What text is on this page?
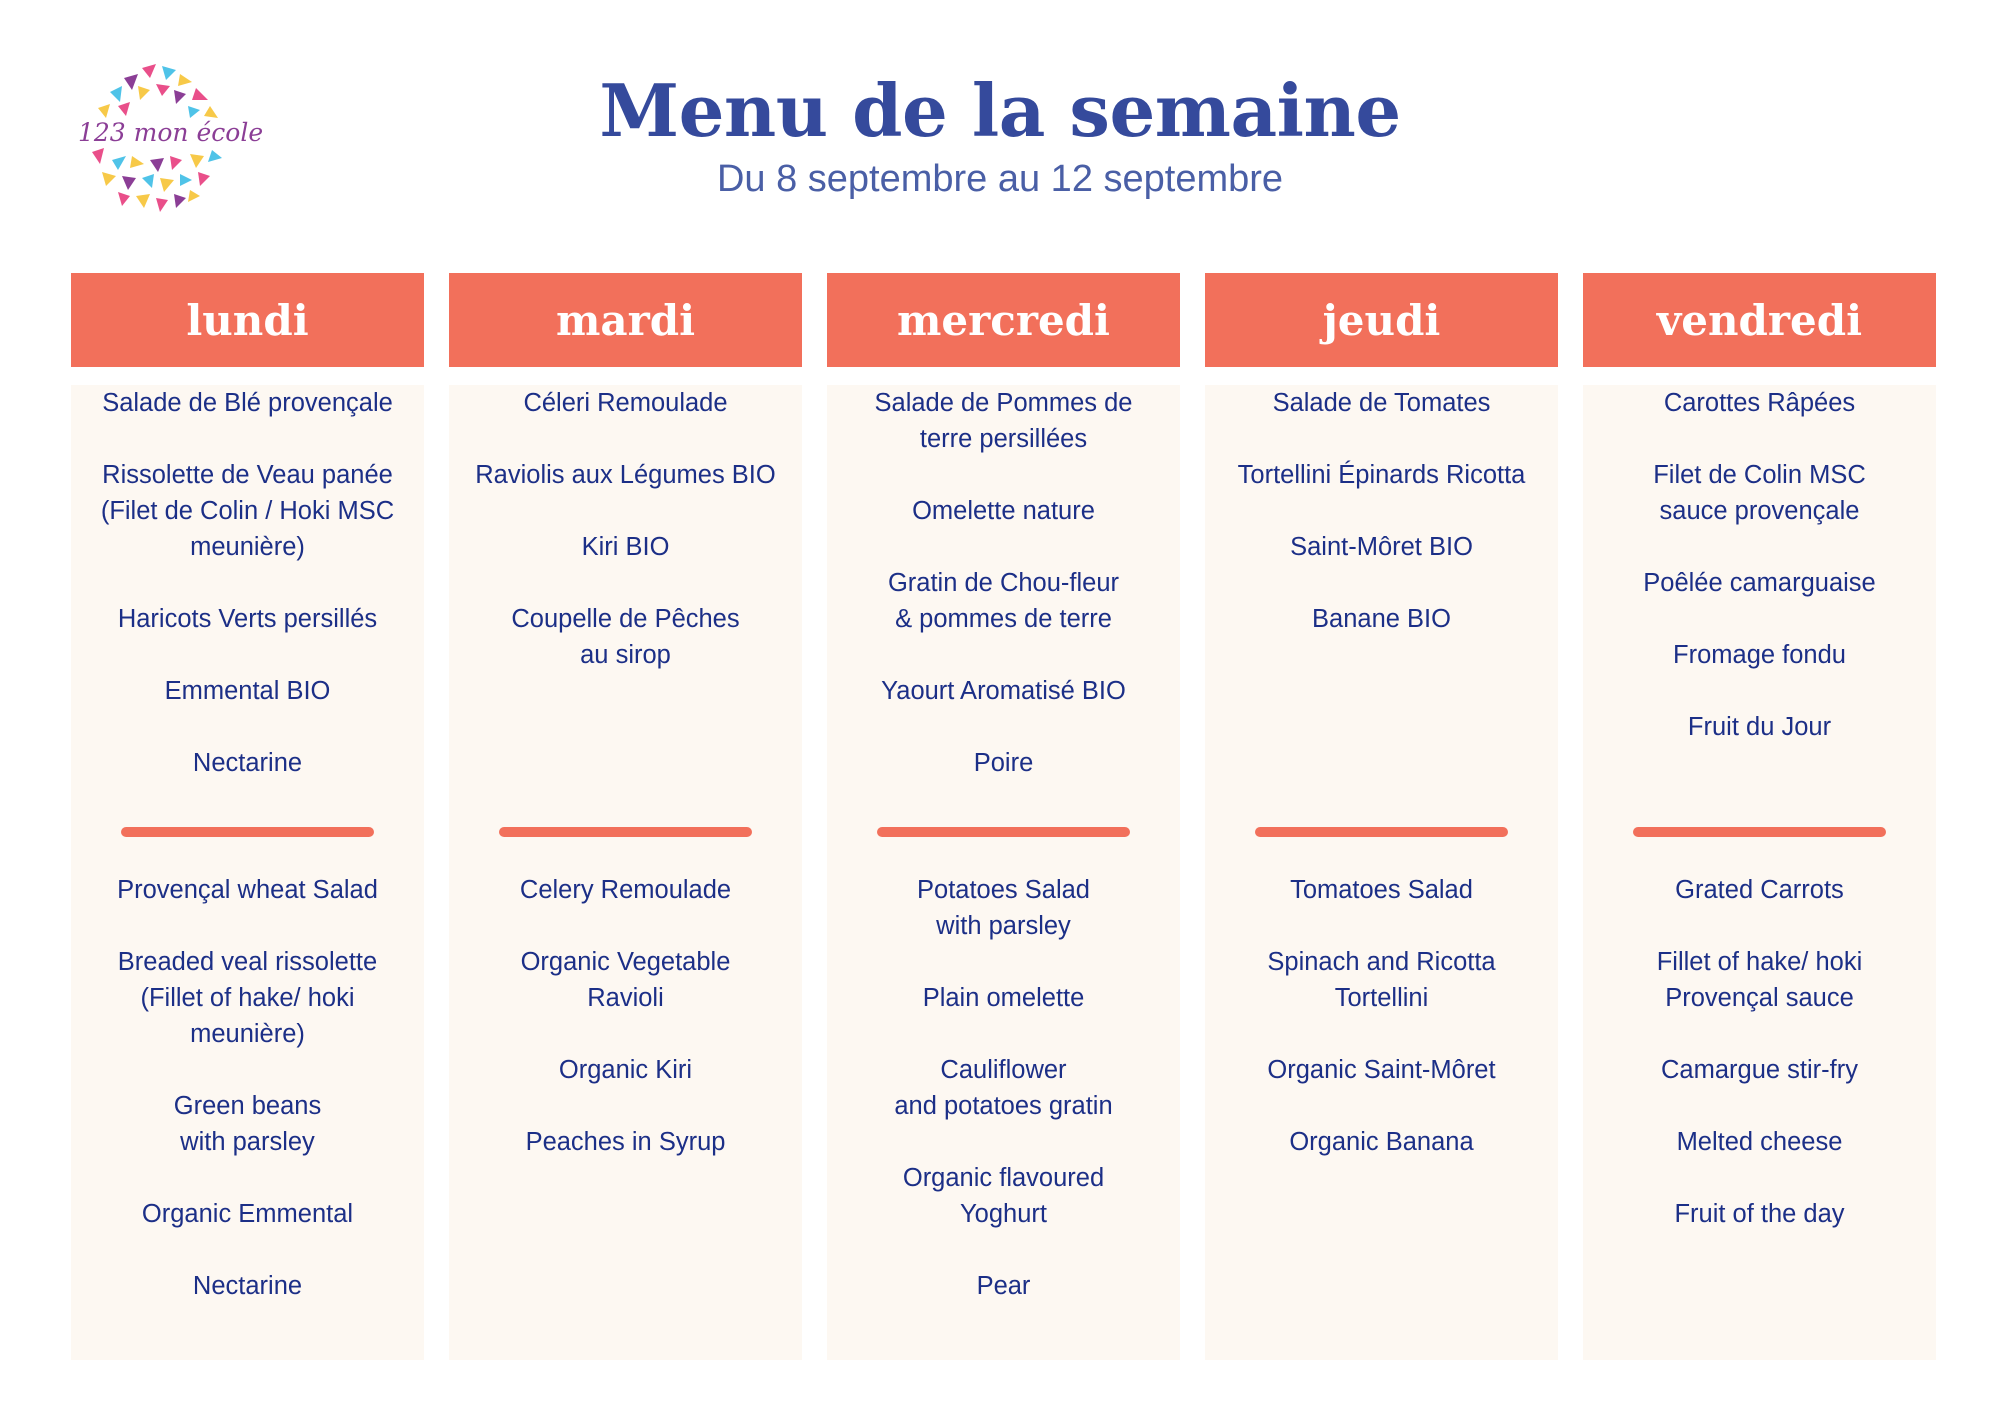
123 mon école	Menu de la semaine
Du 8 septembre au 12 septembre
lundi
Salade de Blé provençale
Rissolette de Veau panée
(Filet de Colin / Hoki MSC
meunière)
Haricots Verts persillés
Emmental BIO
Nectarine
Provençal wheat Salad
Breaded veal rissolette
(Fillet of hake/ hoki
meunière)
Green beans
with parsley
Organic Emmental
Nectarine
mardi
Céleri Remoulade
Raviolis aux Légumes BIO
Kiri BIO
Coupelle de Pêches
au sirop
Celery Remoulade
Organic Vegetable
Ravioli
Organic Kiri
Peaches in Syrup
mercredi
Salade de Pommes de
terre persillées
Omelette nature
Gratin de Chou-fleur
& pommes de terre
Yaourt Aromatisé BIO
Poire
Potatoes Salad
with parsley
Plain omelette
Cauliflower
and potatoes gratin
Organic flavoured
Yoghurt
Pear
jeudi
Salade de Tomates
Tortellini Épinards Ricotta
Saint-Môret BIO
Banane BIO
Tomatoes Salad
Spinach and Ricotta
Tortellini
Organic Saint-Môret
Organic Banana
vendredi
Carottes Râpées
Filet de Colin MSC
sauce provençale
Poêlée camarguaise
Fromage fondu
Fruit du Jour
Grated Carrots
Fillet of hake/ hoki
Provençal sauce
Camargue stir-fry
Melted cheese
Fruit of the day
